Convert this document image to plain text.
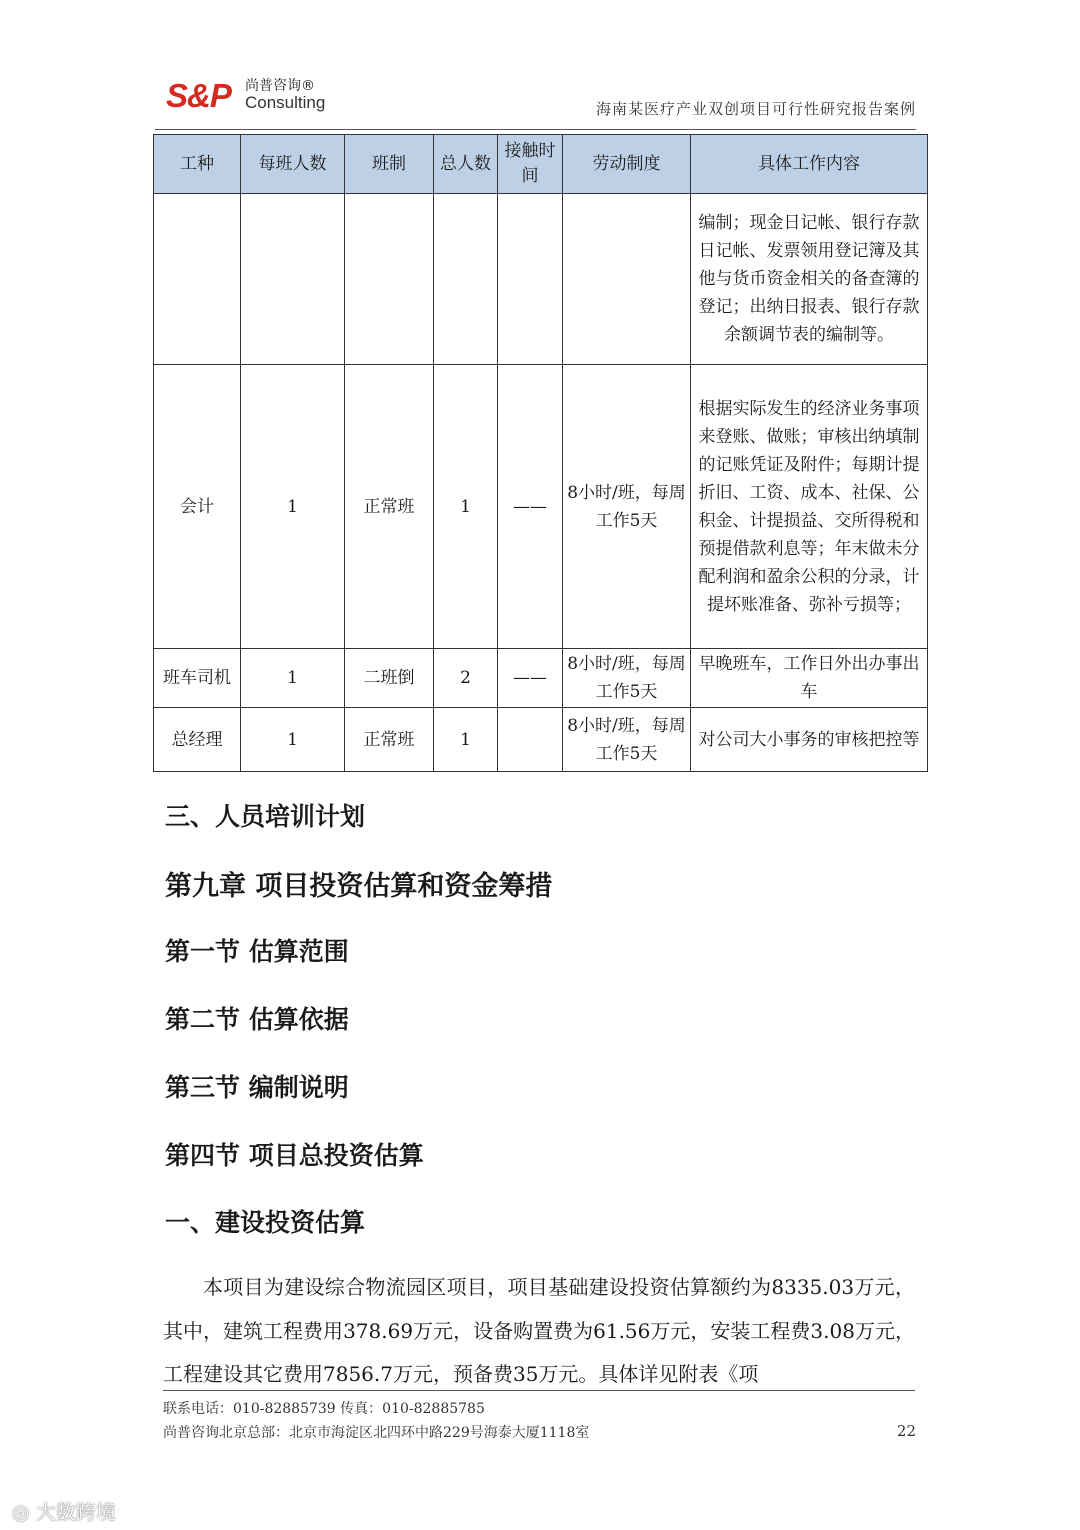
S&P 尚普咨询®
Consulting	海南某医疗产业双创项目可行性研究报告案例
工种	每班人数	班制	总人数	接触时间	劳动制度	具体工作内容
						编制；现金日记帐、银行存款日记帐、发票领用登记簿及其他与货币资金相关的备查簿的登记；出纳日报表、银行存款余额调节表的编制等。
会计	1	正常班	1	——	8小时/班，每周工作5天	根据实际发生的经济业务事项来登账、做账；审核出纳填制的记账凭证及附件；每期计提折旧、工资、成本、社保、公积金、计提损益、交所得税和预提借款利息等；年末做未分配利润和盈余公积的分录，计提坏账准备、弥补亏损等；
班车司机	1	二班倒	2	——	8小时/班，每周工作5天	早晚班车，工作日外出办事出车
总经理	1	正常班	1		8小时/班，每周工作5天	对公司大小事务的审核把控等
三、人员培训计划
第九章 项目投资估算和资金筹措
第一节 估算范围
第二节 估算依据
第三节 编制说明
第四节 项目总投资估算
一、建设投资估算

本项目为建设综合物流园区项目，项目基础建设投资估算额约为8335.03万元，其中，建筑工程费用378.69万元，设备购置费为61.56万元，安装工程费3.08万元，工程建设其它费用7856.7万元，预备费35万元。具体详见附表《项

联系电话：010-82885739 传真：010-82885785
尚普咨询北京总部：北京市海淀区北四环中路229号海泰大厦1118室	22
◎ 大数跨境
